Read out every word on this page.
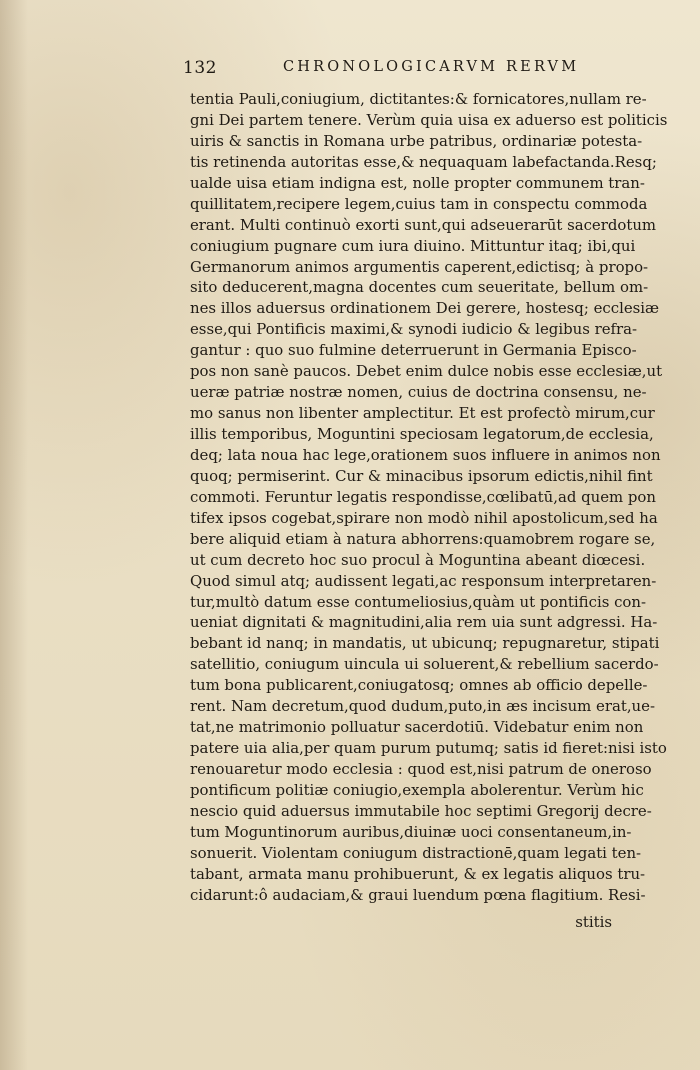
132	CHRONOLOGICARVM RERVM
tentia Pauli,coniugium, dictitantes:& fornicatores,nullam re-
gni Dei partem tenere. Verùm quia uisa ex aduerso est politicis
uiris & sanctis in Romana urbe patribus, ordinariæ potesta-
tis retinenda autoritas esse,& nequaquam labefactanda.Resq;
ualde uisa etiam indigna est, nolle propter communem tran-
quillitatem,recipere legem,cuius tam in conspectu commoda
erant. Multi continuò exorti sunt,qui adseuerarūt sacerdotum
coniugium pugnare cum iura diuino. Mittuntur itaq; ibi,qui
Germanorum animos argumentis caperent,edictisq; à propo-
sito deducerent,magna docentes cum seueritate, bellum om-
nes illos aduersus ordinationem Dei gerere, hostesq; ecclesiæ
esse,qui Pontificis maximi,& synodi iudicio & legibus refra-
gantur : quo suo fulmine deterruerunt in Germania Episco-
pos non sanè paucos. Debet enim dulce nobis esse ecclesiæ,ut
ueræ patriæ nostræ nomen, cuius de doctrina consensu, ne-
mo sanus non libenter amplectitur. Et est profectò mirum,cur
illis temporibus, Moguntini speciosam legatorum,de ecclesia,
deq; lata noua hac lege,orationem suos influere in animos non
quoq; permiserint. Cur & minacibus ipsorum edictis,nihil fint
commoti. Feruntur legatis respondisse,cœlibatū,ad quem pon
tifex ipsos cogebat,spirare non modò nihil apostolicum,sed ha
bere aliquid etiam à natura abhorrens:quamobrem rogare se,
ut cum decreto hoc suo procul à Moguntina abeant diœcesi.
Quod simul atq; audissent legati,ac responsum interpretaren-
tur,multò datum esse contumeliosius,quàm ut pontificis con-
ueniat dignitati & magnitudini,alia rem uia sunt adgressi. Ha-
bebant id nanq; in mandatis, ut ubicunq; repugnaretur, stipati
satellitio, coniugum uincula ui soluerent,& rebellium sacerdo-
tum bona publicarent,coniugatosq; omnes ab officio depelle-
rent. Nam decretum,quod dudum,puto,in æs incisum erat,ue-
tat,ne matrimonio polluatur sacerdotiū. Videbatur enim non
patere uia alia,per quam purum putumq; satis id fieret:nisi isto
renouaretur modo ecclesia : quod est,nisi patrum de oneroso
pontificum politiæ coniugio,exempla abolerentur. Verùm hic
nescio quid aduersus immutabile hoc septimi Gregorij decre-
tum Moguntinorum auribus,diuinæ uoci consentaneum,in-
sonuerit. Violentam coniugum distractionē,quam legati ten-
tabant, armata manu prohibuerunt, & ex legatis aliquos tru-
cidarunt:ô audaciam,& graui luendum pœna flagitium. Resi-
stitis
